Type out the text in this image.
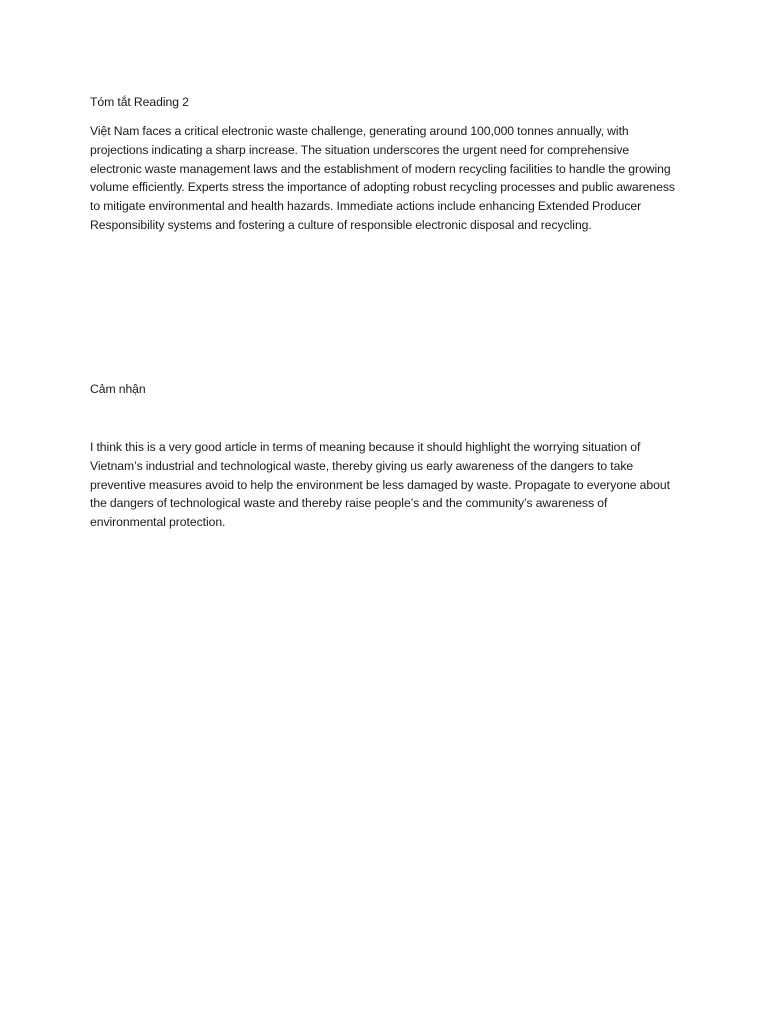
Tóm tắt Reading 2

Việt Nam faces a critical electronic waste challenge, generating around 100,000 tonnes annually, with projections indicating a sharp increase. The situation underscores the urgent need for comprehensive electronic waste management laws and the establishment of modern recycling facilities to handle the growing volume efficiently. Experts stress the importance of adopting robust recycling processes and public awareness to mitigate environmental and health hazards. Immediate actions include enhancing Extended Producer Responsibility systems and fostering a culture of responsible electronic disposal and recycling.

Cảm nhận

I think this is a very good article in terms of meaning because it should highlight the worrying situation of Vietnam’s industrial and technological waste, thereby giving us early awareness of the dangers to take preventive measures avoid to help the environment be less damaged by waste. Propagate to everyone about the dangers of technological waste and thereby raise people’s and the community’s awareness of environmental protection.
